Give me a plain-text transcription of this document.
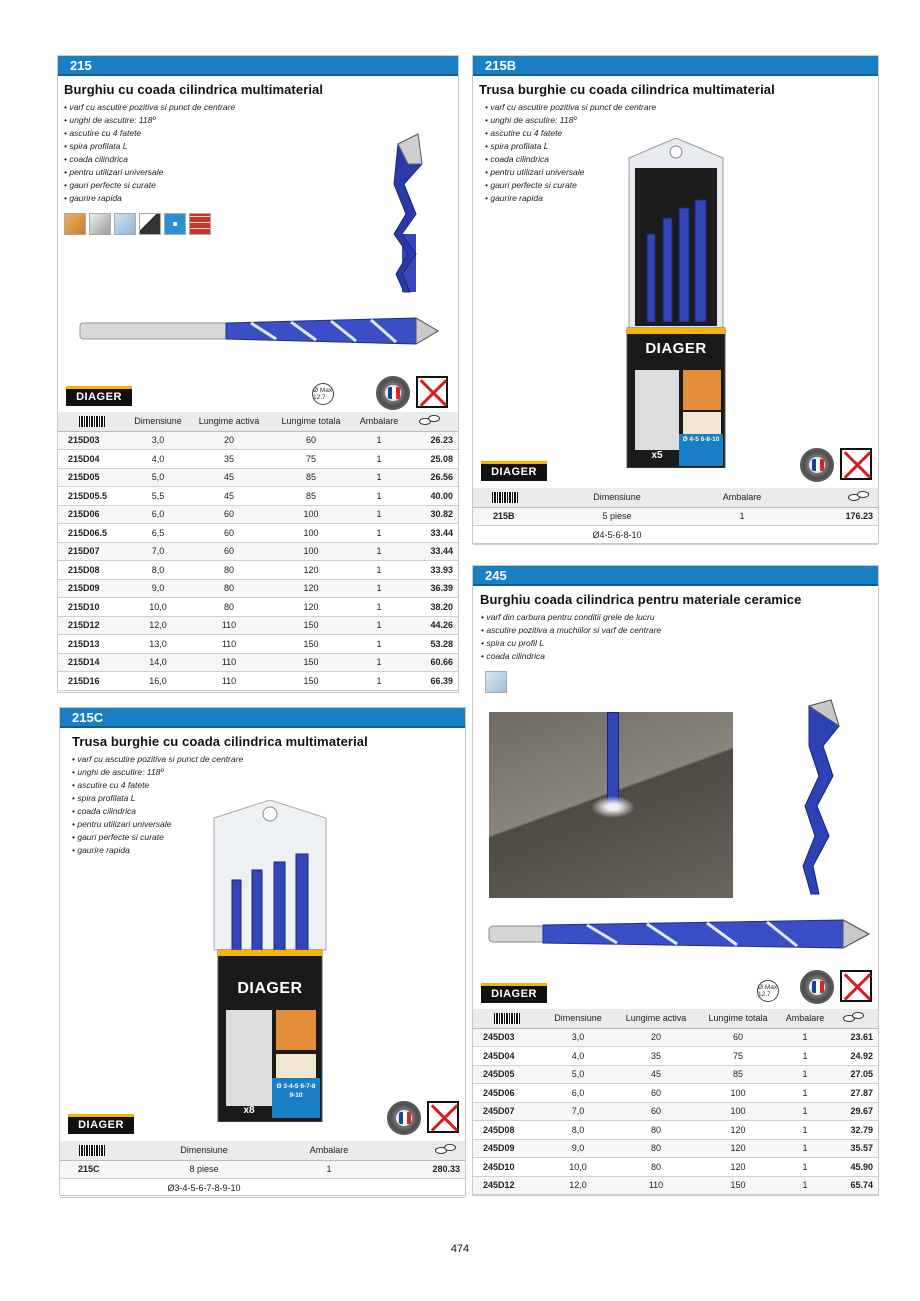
215
Burghiu cu coada cilindrica multimaterial
• varf cu ascutire pozitiva si punct de centrare
• unghi de ascutire: 118º
• ascutire cu 4 fatete
• spira profilata L
• coada cilindrica
• pentru utilizari universale
• gauri perfecte si curate
• gaurire rapida
DIAGER
Ø Max 12.7
	Dimensiune	Lungime activa	Lungime totala	Ambalare	

215D03	3,0	20	60	1	26.23
215D04	4,0	35	75	1	25.08
215D05	5,0	45	85	1	26.56
215D05.5	5,5	45	85	1	40.00
215D06	6,0	60	100	1	30.82
215D06.5	6,5	60	100	1	33.44
215D07	7,0	60	100	1	33.44
215D08	8,0	80	120	1	33.93
215D09	9,0	80	120	1	36.39
215D10	10,0	80	120	1	38.20
215D12	12,0	110	150	1	44.26
215D13	13,0	110	150	1	53.28
215D14	14,0	110	150	1	60.66
215D16	16,0	110	150	1	66.39
215B
Trusa burghie cu coada cilindrica multimaterial
• varf cu ascutire pozitiva si punct de centrare
• unghi de ascutire: 118º
• ascutire cu 4 fatete
• spira profilata L
• coada cilindrica
• pentru utilizari universale
• gauri perfecte si curate
• gaurire rapida
DIAGER
Ø 4-5 6-8-10
x5
DIAGER
	Dimensiune	Ambalare	

215B	5 piese	1	176.23
	Ø4-5-6-8-10		
215C
Trusa burghie cu coada cilindrica multimaterial
• varf cu ascutire pozitiva si punct de centrare
• unghi de ascutire: 118º
• ascutire cu 4 fatete
• spira profilata L
• coada cilindrica
• pentru utilizari universale
• gauri perfecte si curate
• gaurire rapida
DIAGER
Ø 3-4-5 6-7-8 9-10
x8
DIAGER
	Dimensiune	Ambalare	

215C	8 piese	1	280.33
	Ø3-4-5-6-7-8-9-10		
245
Burghiu coada cilindrica pentru materiale ceramice
• varf din carbura pentru conditii grele de lucru
• ascutire pozitiva a muchiilor si varf de centrare
• spira cu profil L
• coada cilindrica
DIAGER
Ø Max 12.7
	Dimensiune	Lungime activa	Lungime totala	Ambalare	

245D03	3,0	20	60	1	23.61
245D04	4,0	35	75	1	24.92
245D05	5,0	45	85	1	27.05
245D06	6,0	60	100	1	27.87
245D07	7,0	60	100	1	29.67
245D08	8,0	80	120	1	32.79
245D09	9,0	80	120	1	35.57
245D10	10,0	80	120	1	45.90
245D12	12,0	110	150	1	65.74
474
